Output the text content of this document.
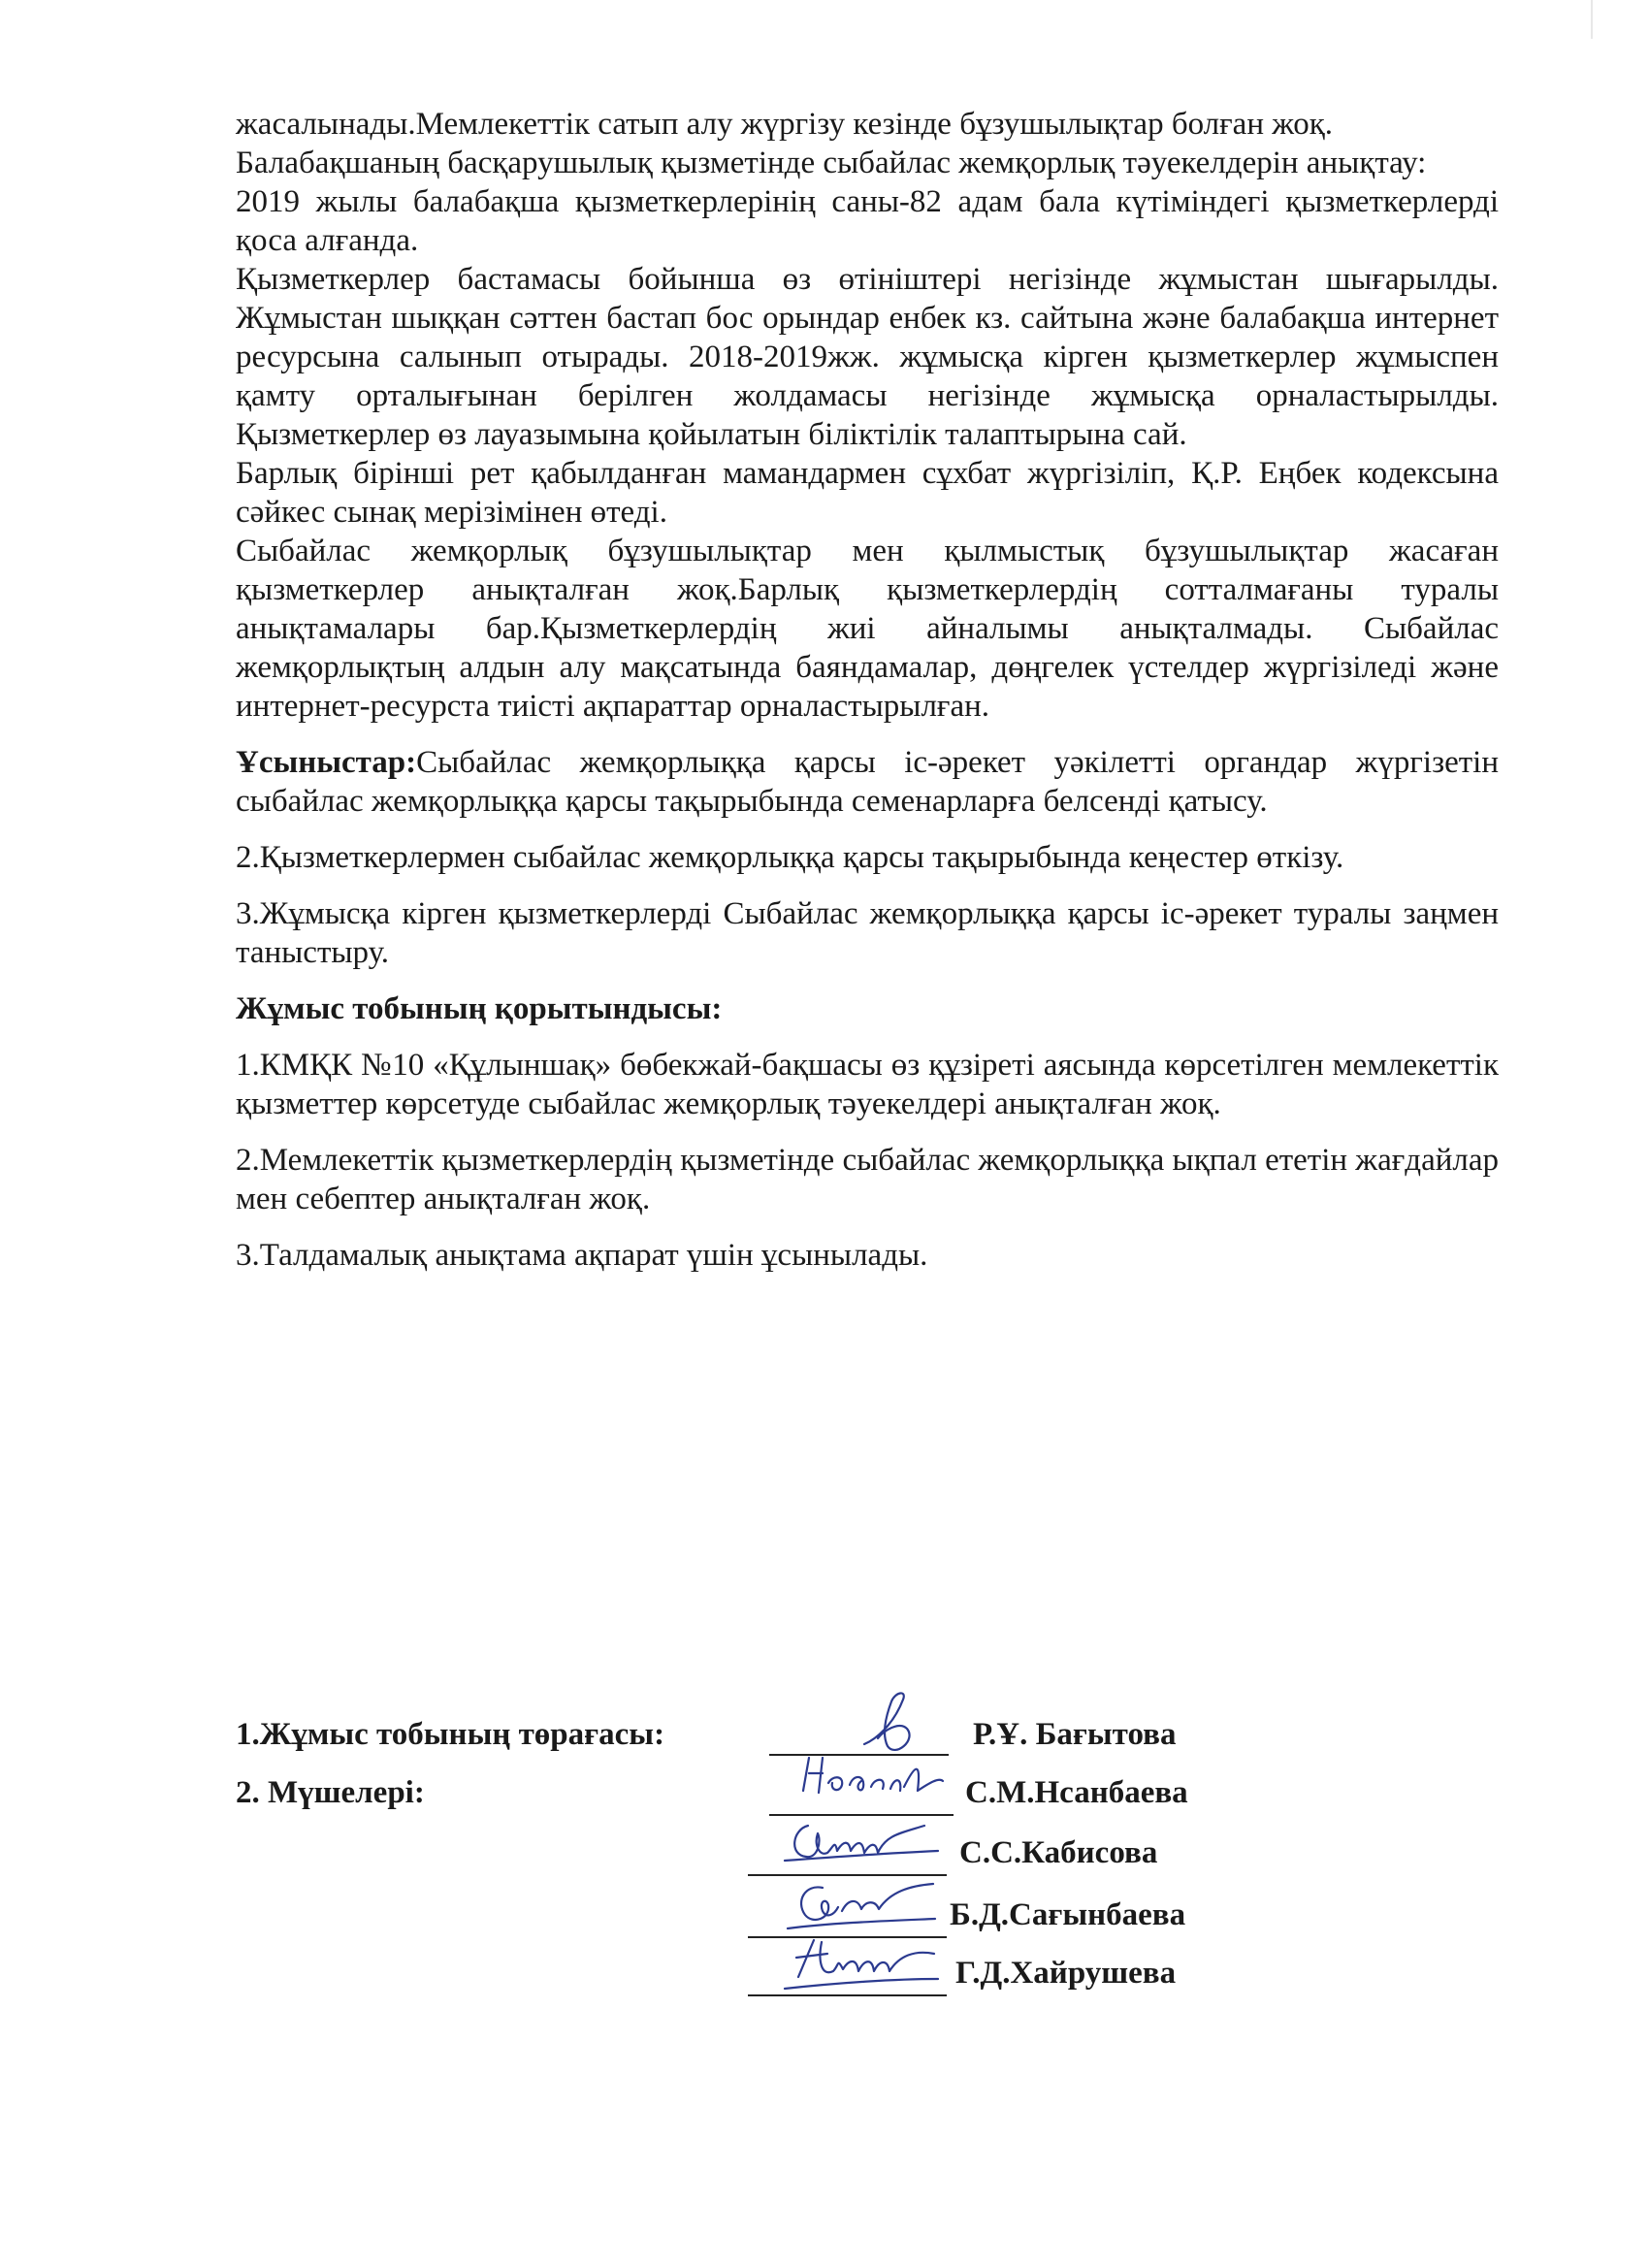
жасалынады.Мемлекеттік сатып алу жүргізу кезінде бұзушылықтар болған жоқ.

Балабақшаның басқарушылық қызметінде сыбайлас жемқорлық тәуекелдерін анықтау:

2019 жылы балабақша қызметкерлерінің саны-82 адам бала күтіміндегі қызметкерлерді қоса алғанда.

Қызметкерлер бастамасы бойынша өз өтініштері негізінде жұмыстан шығарылды. Жұмыстан шыққан сәттен бастап бос орындар енбек кз. сайтына және балабақша интернет ресурсына салынып отырады. 2018-2019жж. жұмысқа кірген қызметкерлер жұмыспен қамту орталығынан берілген жолдамасы негізінде жұмысқа орналастырылды. Қызметкерлер өз лауазымына қойылатын біліктілік талаптырына сай.

Барлық бірінші рет қабылданған мамандармен сұхбат жүргізіліп, Қ.Р. Еңбек кодексына сәйкес сынақ мерізімінен өтеді.

Сыбайлас жемқорлық бұзушылықтар мен қылмыстық бұзушылықтар жасаған қызметкерлер анықталған жоқ.Барлық қызметкерлердің сотталмағаны туралы анықтамалары бар.Қызметкерлердің жиі айналымы анықталмады. Сыбайлас жемқорлықтың алдын алу мақсатында баяндамалар, дөңгелек үстелдер жүргізіледі және интернет-ресурста тиісті ақпараттар орналастырылған.

Ұсыныстар:Сыбайлас жемқорлыққа қарсы іс-әрекет уәкілетті органдар жүргізетін сыбайлас жемқорлыққа қарсы тақырыбында семенарларға белсенді қатысу.

2.Қызметкерлермен сыбайлас жемқорлыққа қарсы тақырыбында кеңестер өткізу.

3.Жұмысқа кірген қызметкерлерді Сыбайлас жемқорлыққа қарсы іс-әрекет туралы заңмен таныстыру.

Жұмыс тобының қорытындысы:

1.КМҚК №10 «Құлыншақ» бөбекжай-бақшасы өз құзіреті аясында көрсетілген мемлекеттік қызметтер көрсетуде сыбайлас жемқорлық тәуекелдері анықталған жоқ.

2.Мемлекеттік қызметкерлердің қызметінде сыбайлас жемқорлыққа ықпал ететін жағдайлар мен себептер анықталған жоқ.

3.Талдамалық анықтама ақпарат үшін ұсынылады.

1.Жұмыс тобының төрағасы:	Р.Ұ. Бағытова
2. Мүшелері:	С.М.Нсанбаева
С.С.Кабисова
Б.Д.Сағынбаева
Г.Д.Хайрушева
